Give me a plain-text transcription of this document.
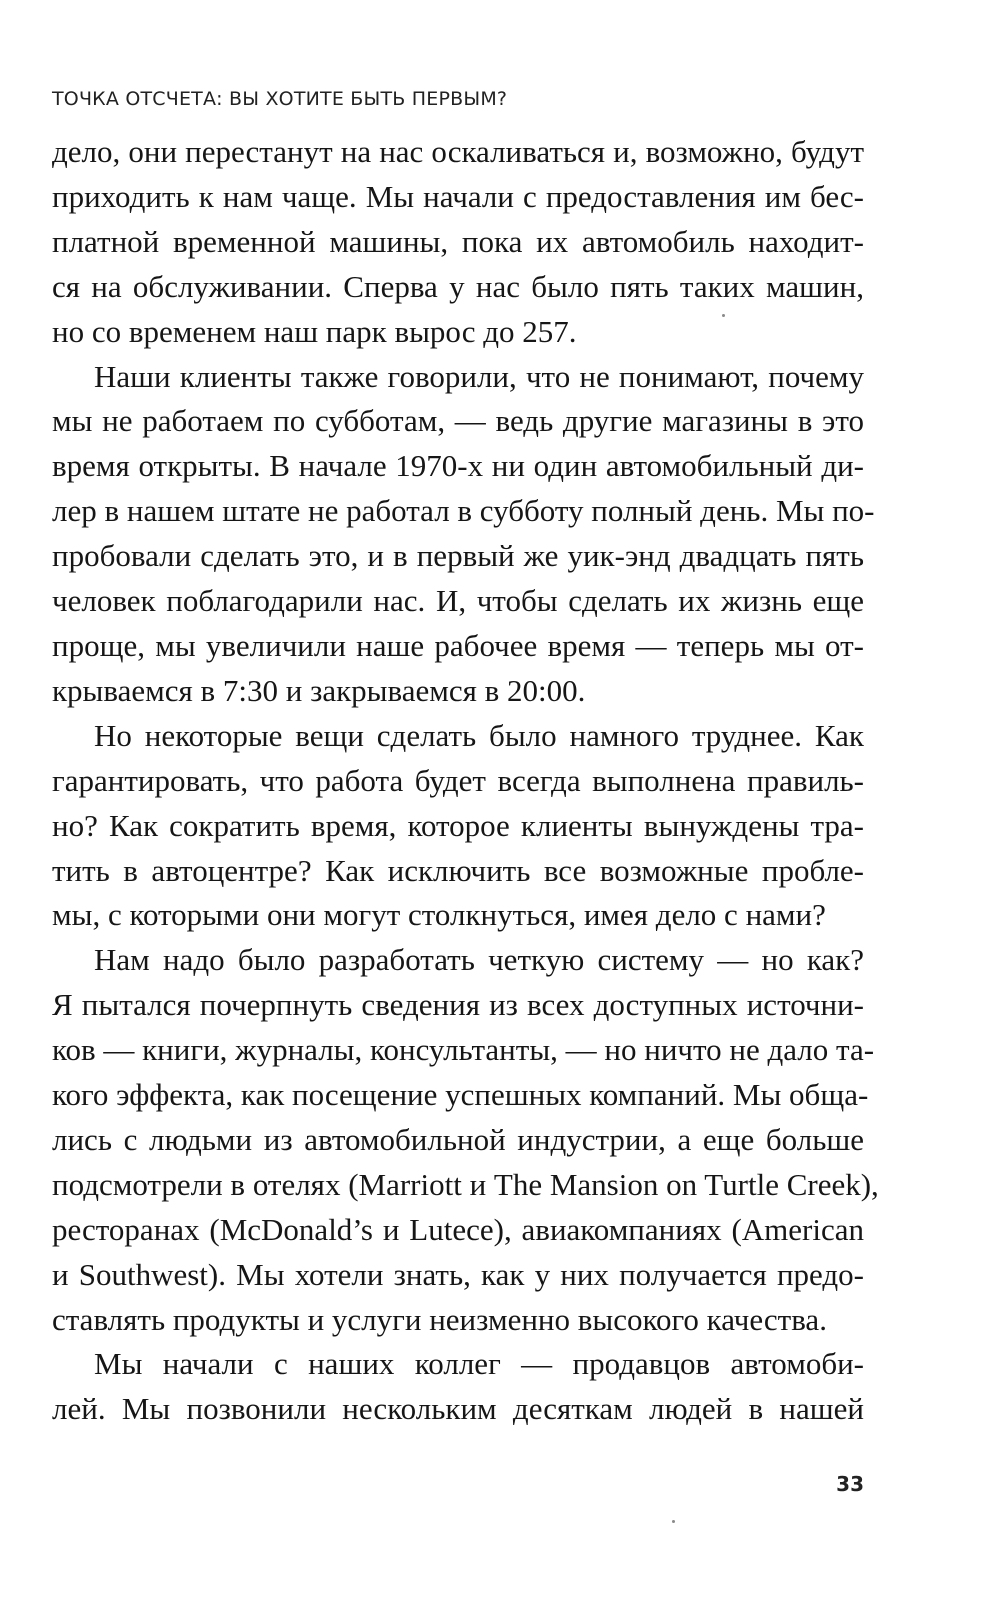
ТОЧКА ОТСЧЕТА: ВЫ ХОТИТЕ БЫТЬ ПЕРВЫМ?

дело, они перестанут на нас оскаливаться и, возможно, будут
приходить к нам чаще. Мы начали с предоставления им бес-
платной временной машины, пока их автомобиль находит-
ся на обслуживании. Сперва у нас было пять таких машин,
но со временем наш парк вырос до 257.

Наши клиенты также говорили, что не понимают, почему
мы не работаем по субботам, — ведь другие магазины в это
время открыты. В начале 1970-х ни один автомобильный ди-
лер в нашем штате не работал в субботу полный день. Мы по-
пробовали сделать это, и в первый же уик-энд двадцать пять
человек поблагодарили нас. И, чтобы сделать их жизнь еще
проще, мы увеличили наше рабочее время — теперь мы от-
крываемся в 7:30 и закрываемся в 20:00.

Но некоторые вещи сделать было намного труднее. Как
гарантировать, что работа будет всегда выполнена правиль-
но? Как сократить время, которое клиенты вынуждены тра-
тить в автоцентре? Как исключить все возможные пробле-
мы, с которыми они могут столкнуться, имея дело с нами?

Нам надо было разработать четкую систему — но как?
Я пытался почерпнуть сведения из всех доступных источни-
ков — книги, журналы, консультанты, — но ничто не дало та-
кого эффекта, как посещение успешных компаний. Мы обща-
лись с людьми из автомобильной индустрии, а еще больше
подсмотрели в отелях (Marriott и The Mansion on Turtle Creek),
ресторанах (McDonald’s и Lutece), авиакомпаниях (American
и Southwest). Мы хотели знать, как у них получается предо-
ставлять продукты и услуги неизменно высокого качества.

Мы начали с наших коллег — продавцов автомоби-
лей. Мы позвонили нескольким десяткам людей в нашей

33
